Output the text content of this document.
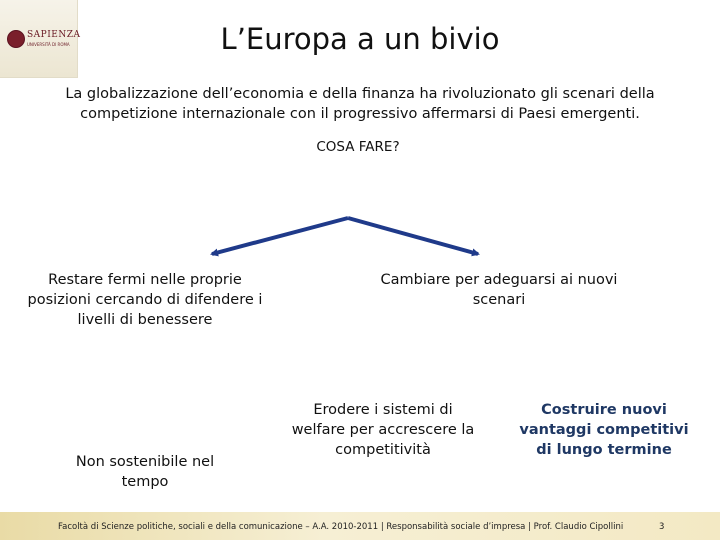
SAPIENZA
UNIVERSITÀ DI ROMA	L’Europa a un bivio
La globalizzazione dell’economia e della finanza ha rivoluzionato gli scenari della competizione internazionale con il progressivo affermarsi di Paesi emergenti.
COSA FARE?
Restare fermi nelle proprie posizioni cercando di difendere i livelli di benessere
Cambiare per adeguarsi ai nuovi scenari
Non sostenibile nel tempo
Erodere i sistemi di welfare per accrescere la competitività
Costruire nuovi vantaggi competitivi di lungo termine
Facoltà di Scienze politiche, sociali e della comunicazione – A.A. 2010-2011 | Responsabilità sociale d’impresa | Prof. Claudio Cipollini	3
